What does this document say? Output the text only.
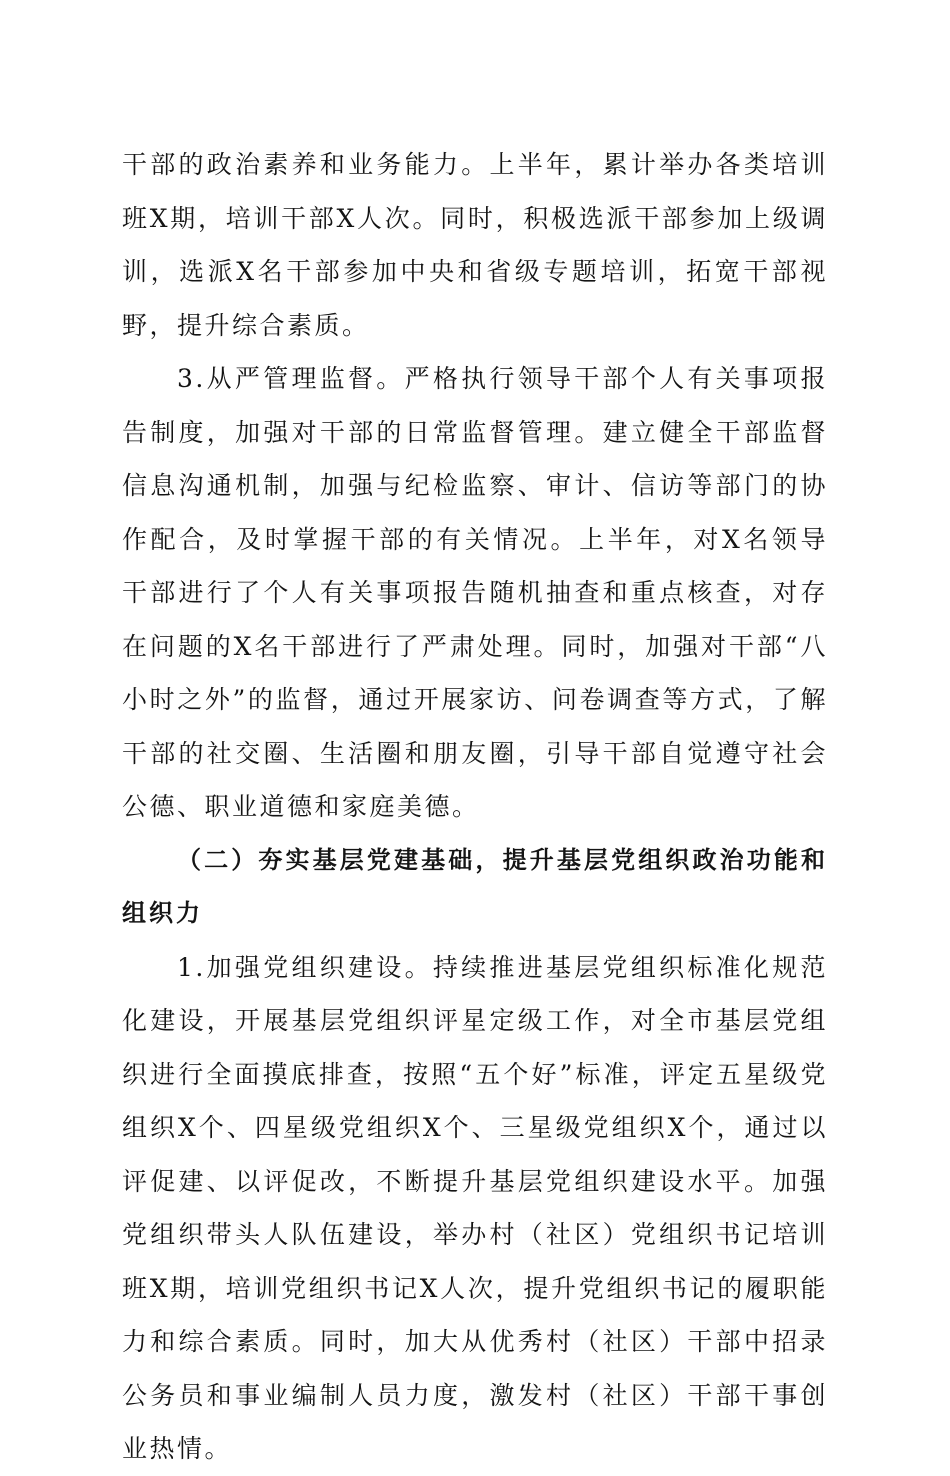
干部的政治素养和业务能力。上半年，累计举办各类培训班X期，培训干部X人次。同时，积极选派干部参加上级调训，选派X名干部参加中央和省级专题培训，拓宽干部视野，提升综合素质。

3.从严管理监督。严格执行领导干部个人有关事项报告制度，加强对干部的日常监督管理。建立健全干部监督信息沟通机制，加强与纪检监察、审计、信访等部门的协作配合，及时掌握干部的有关情况。上半年，对X名领导干部进行了个人有关事项报告随机抽查和重点核查，对存在问题的X名干部进行了严肃处理。同时，加强对干部“八小时之外”的监督，通过开展家访、问卷调查等方式，了解干部的社交圈、生活圈和朋友圈，引导干部自觉遵守社会公德、职业道德和家庭美德。

（二）夯实基层党建基础，提升基层党组织政治功能和组织力

1.加强党组织建设。持续推进基层党组织标准化规范化建设，开展基层党组织评星定级工作，对全市基层党组织进行全面摸底排查，按照“五个好”标准，评定五星级党组织X个、四星级党组织X个、三星级党组织X个，通过以评促建、以评促改，不断提升基层党组织建设水平。加强党组织带头人队伍建设，举办村（社区）党组织书记培训班X期，培训党组织书记X人次，提升党组织书记的履职能力和综合素质。同时，加大从优秀村（社区）干部中招录公务员和事业编制人员力度，激发村（社区）干部干事创业热情。
